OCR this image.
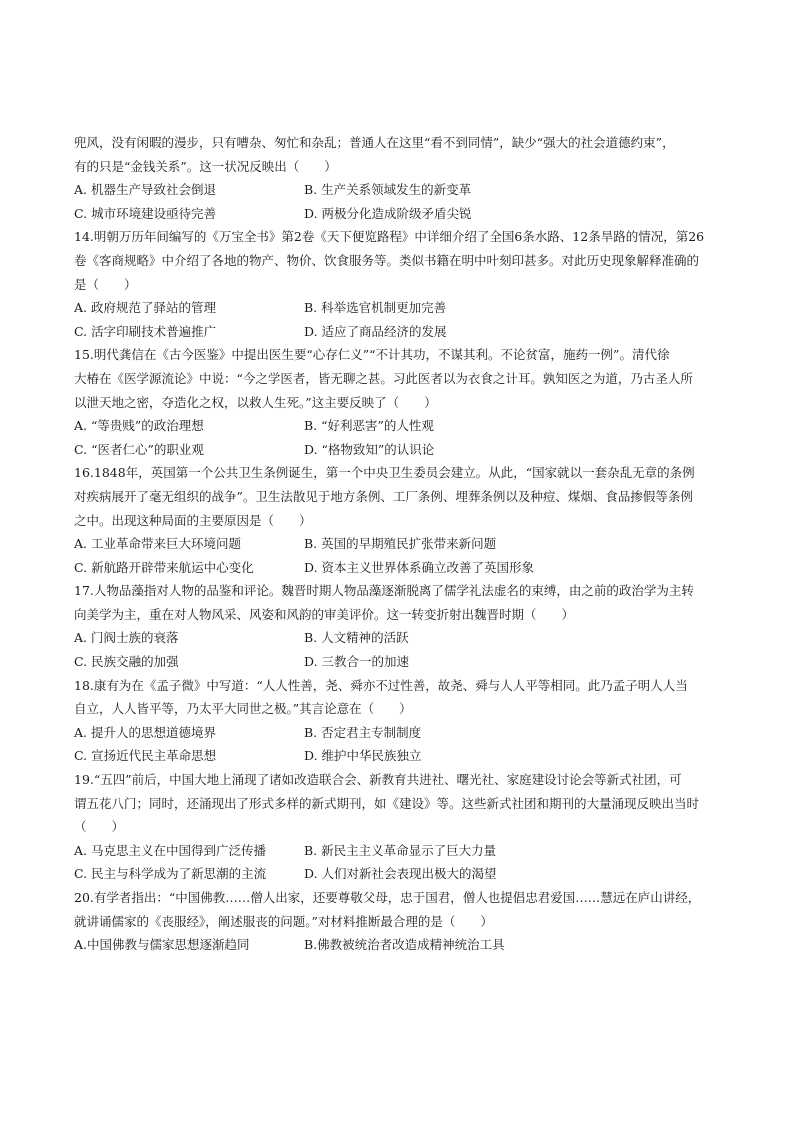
兜风，没有闲暇的漫步，只有嘈杂、匆忙和杂乱；普通人在这里“看不到同情”，缺少“强大的社会道德约束”，
有的只是“金钱关系”。这一状况反映出（　　）
A. 机器生产导致社会倒退	B. 生产关系领域发生的新变革
C. 城市环境建设亟待完善	D. 两极分化造成阶级矛盾尖锐
14.明朝万历年间编写的《万宝全书》第2卷《天下便览路程》中详细介绍了全国6条水路、12条旱路的情况，第26
卷《客商规略》中介绍了各地的物产、物价、饮食服务等。类似书籍在明中叶刻印甚多。对此历史现象解释准确的
是（　　）
A. 政府规范了驿站的管理	B. 科举选官机制更加完善
C. 活字印刷技术普遍推广	D. 适应了商品经济的发展
15.明代龚信在《古今医鉴》中提出医生要“心存仁义”“不计其功，不谋其利。不论贫富，施药一例”。清代徐
大椿在《医学源流论》中说：“今之学医者，皆无聊之甚。习此医者以为衣食之计耳。孰知医之为道，乃古圣人所
以泄天地之密，夺造化之权，以救人生死。”这主要反映了（　　）
A. “等贵贱”的政治理想	B. “好利恶害”的人性观
C. “医者仁心”的职业观	D. “格物致知”的认识论
16.1848年，英国第一个公共卫生条例诞生，第一个中央卫生委员会建立。从此，“国家就以一套杂乱无章的条例
对疾病展开了毫无组织的战争”。卫生法散见于地方条例、工厂条例、埋葬条例以及种痘、煤烟、食品掺假等条例
之中。出现这种局面的主要原因是（　　）
A. 工业革命带来巨大环境问题	B. 英国的早期殖民扩张带来新问题
C. 新航路开辟带来航运中心变化	D. 资本主义世界体系确立改善了英国形象
17.人物品藻指对人物的品鉴和评论。魏晋时期人物品藻逐渐脱离了儒学礼法虚名的束缚，由之前的政治学为主转
向美学为主，重在对人物风采、风姿和风韵的审美评价。这一转变折射出魏晋时期（　　）
A. 门阀士族的衰落	B. 人文精神的活跃
C. 民族交融的加强	D. 三教合一的加速
18.康有为在《孟子微》中写道：“人人性善，尧、舜亦不过性善，故尧、舜与人人平等相同。此乃孟子明人人当
自立，人人皆平等，乃太平大同世之极。”其言论意在（　　）
A. 提升人的思想道德境界	B. 否定君主专制制度
C. 宣扬近代民主革命思想	D. 维护中华民族独立
19.“五四”前后，中国大地上涌现了诸如改造联合会、新教育共进社、曙光社、家庭建设讨论会等新式社团，可
谓五花八门；同时，还涌现出了形式多样的新式期刊，如《建设》等。这些新式社团和期刊的大量涌现反映出当时
（　　）
A. 马克思主义在中国得到广泛传播	B. 新民主主义革命显示了巨大力量
C. 民主与科学成为了新思潮的主流	D. 人们对新社会表现出极大的渴望
20.有学者指出：“中国佛教……僧人出家，还要尊敬父母，忠于国君，僧人也提倡忠君爱国……慧远在庐山讲经，
就讲诵儒家的《丧服经》，阐述服丧的问题。”对材料推断最合理的是（　　）
A.中国佛教与儒家思想逐渐趋同	B.佛教被统治者改造成精神统治工具
